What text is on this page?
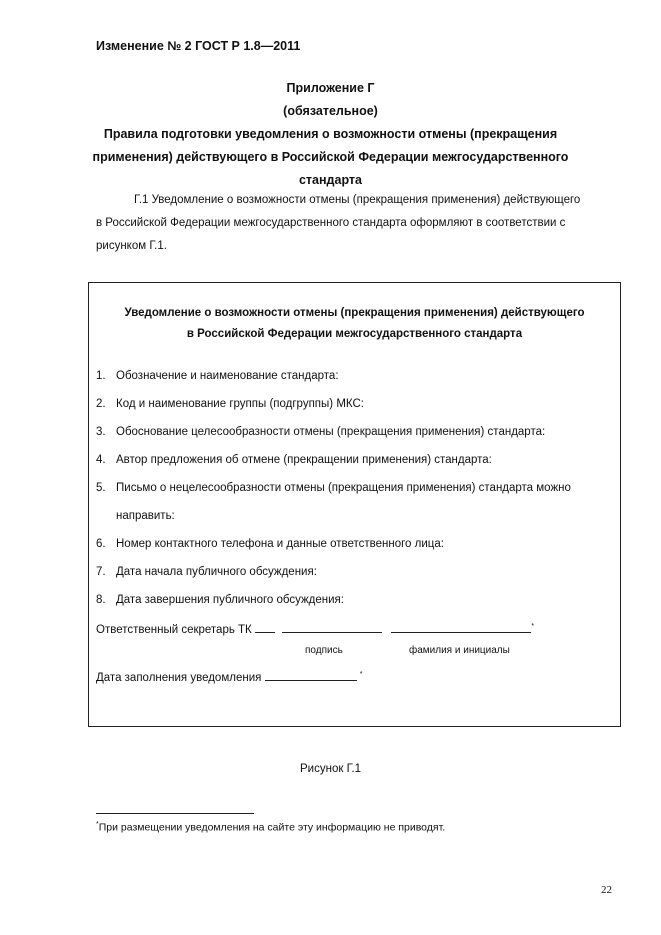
Изменение № 2 ГОСТ Р 1.8—2011
Приложение Г
(обязательное)
Правила подготовки уведомления о возможности отмены (прекращения
применения) действующего в Российской Федерации межгосударственного
стандарта
Г.1 Уведомление о возможности отмены (прекращения применения) действующего
в Российской Федерации межгосударственного стандарта оформляют в соответствии с
рисунком Г.1.
Уведомление о возможности отмены (прекращения применения) действующего
в Российской Федерации межгосударственного стандарта
1. Обозначение и наименование стандарта:
2. Код и наименование группы (подгруппы) МКС:
3. Обоснование целесообразности отмены (прекращения применения) стандарта:
4. Автор предложения об отмене (прекращении применения) стандарта:
5. Письмо о нецелесообразности отмены (прекращения применения) стандарта можно
направить:
6. Номер контактного телефона и данные ответственного лица:
7. Дата начала публичного обсуждения:
8. Дата завершения публичного обсуждения:
Ответственный секретарь ТК	*
подпись	фамилия и инициалы
Дата заполнения уведомления	*
Рисунок Г.1
*При размещении уведомления на сайте эту информацию не приводят.
22
